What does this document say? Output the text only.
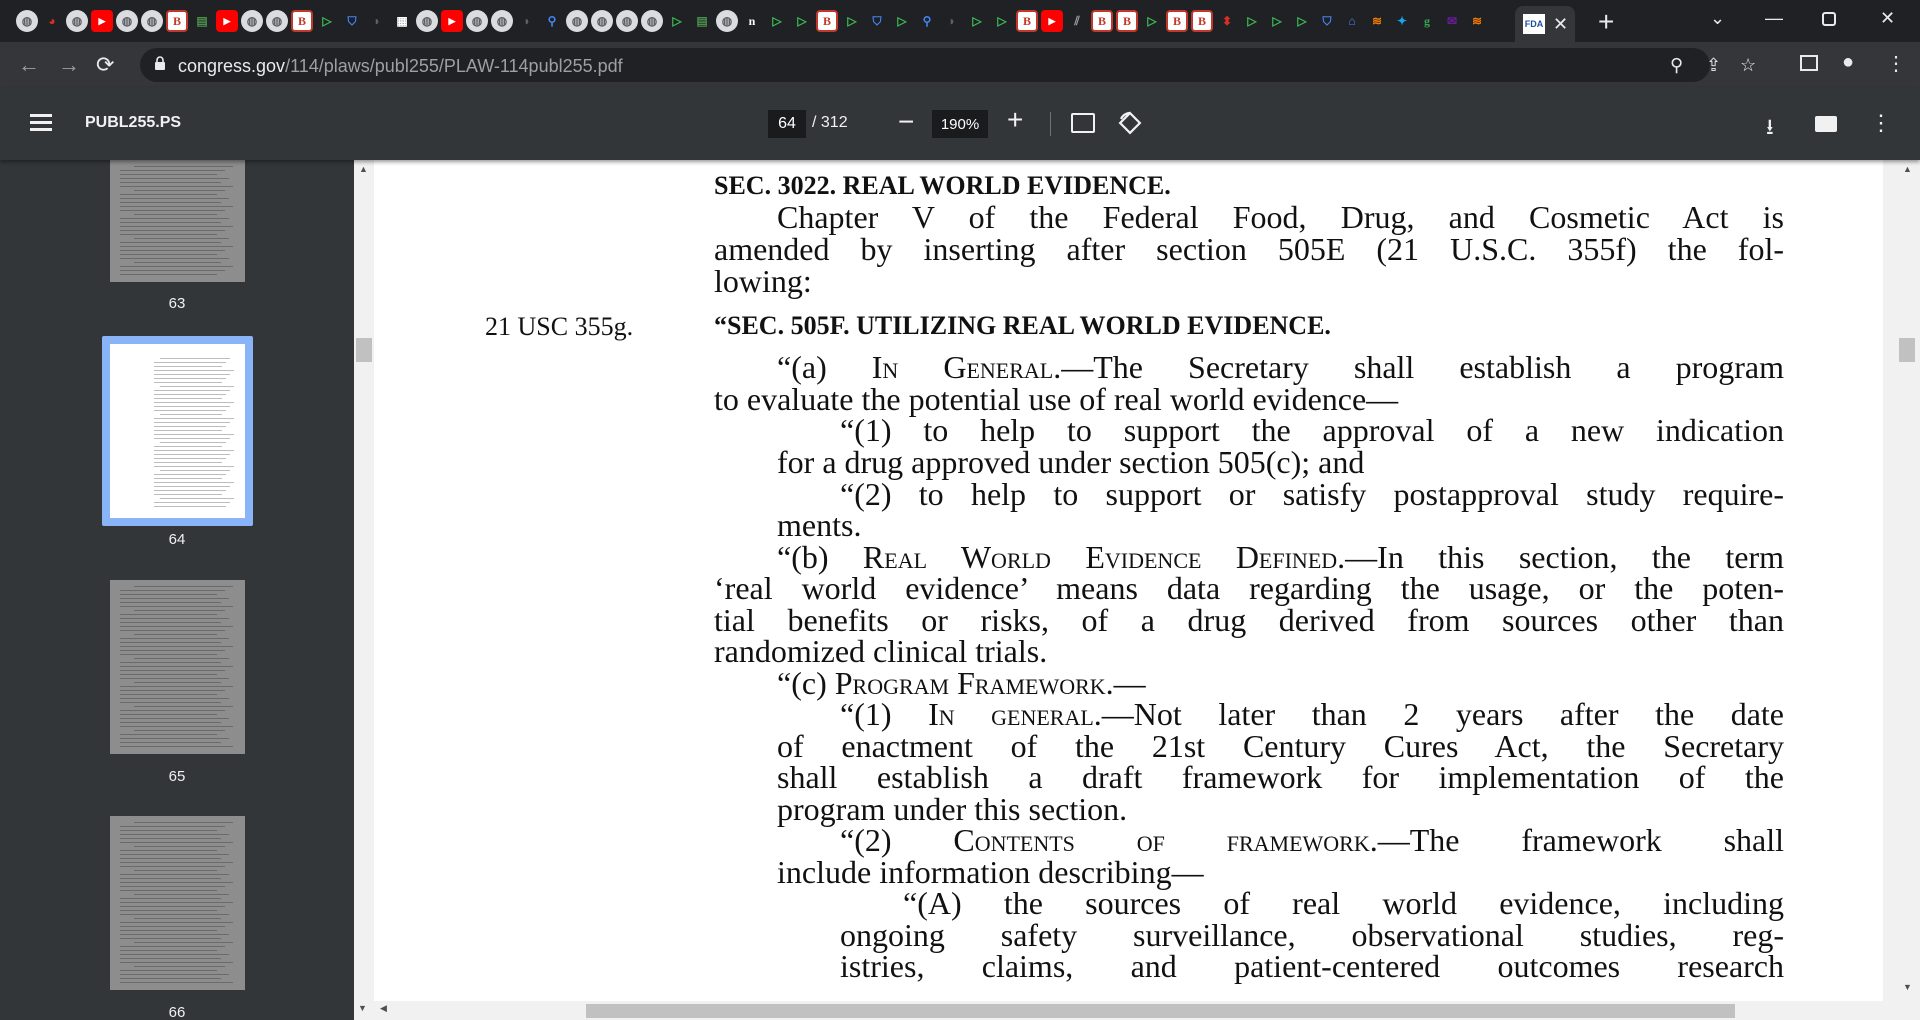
◍	◕	◍	▶	◍	◍	B	▤	▶	◍	◍	B	▷	⛉	◗	▦	◍	▶	◍	◍	◗	⚲	◍	◍	◍	◍	▷	▤	◍	n	▷	▷	B	▷	⛉	▷	⚲	◗	▷	▷	B	▶	⫽	B	B	▷	B	B	⬍	▷	▷	▷	⛉	⌂	≋	✦	g	✉	≋	FDA ✕ +	⌄ —	✕
← → ⟳	congress.gov/114/plaws/publ255/PLAW-114publ255.pdf	⚲ ⇪ ☆	● ⋮
PUBL255.PS	64	/ 312 −	190% +	⭳	⋮
63
64
65
66
SEC. 3022. REAL WORLD EVIDENCE.
Chapter V of the Federal Food, Drug, and Cosmetic Act is
amended by inserting after section 505E (21 U.S.C. 355f) the fol-
lowing:
21 USC 355g.	“SEC. 505F. UTILIZING REAL WORLD EVIDENCE.
“(a) In General.—The Secretary shall establish a program
to evaluate the potential use of real world evidence—
“(1) to help to support the approval of a new indication
for a drug approved under section 505(c); and
“(2) to help to support or satisfy postapproval study require-
ments.
“(b) Real World Evidence Defined.—In this section, the term
‘real world evidence’ means data regarding the usage, or the poten-
tial benefits or risks, of a drug derived from sources other than
randomized clinical trials.
“(c) Program Framework.—
“(1) In general.—Not later than 2 years after the date
of enactment of the 21st Century Cures Act, the Secretary
shall establish a draft framework for implementation of the
program under this section.
“(2) Contents of framework.—The framework shall
include information describing—
“(A) the sources of real world evidence, including
ongoing safety surveillance, observational studies, reg-
istries, claims, and patient-centered outcomes research
▲	▲
▼
▼ ◀
